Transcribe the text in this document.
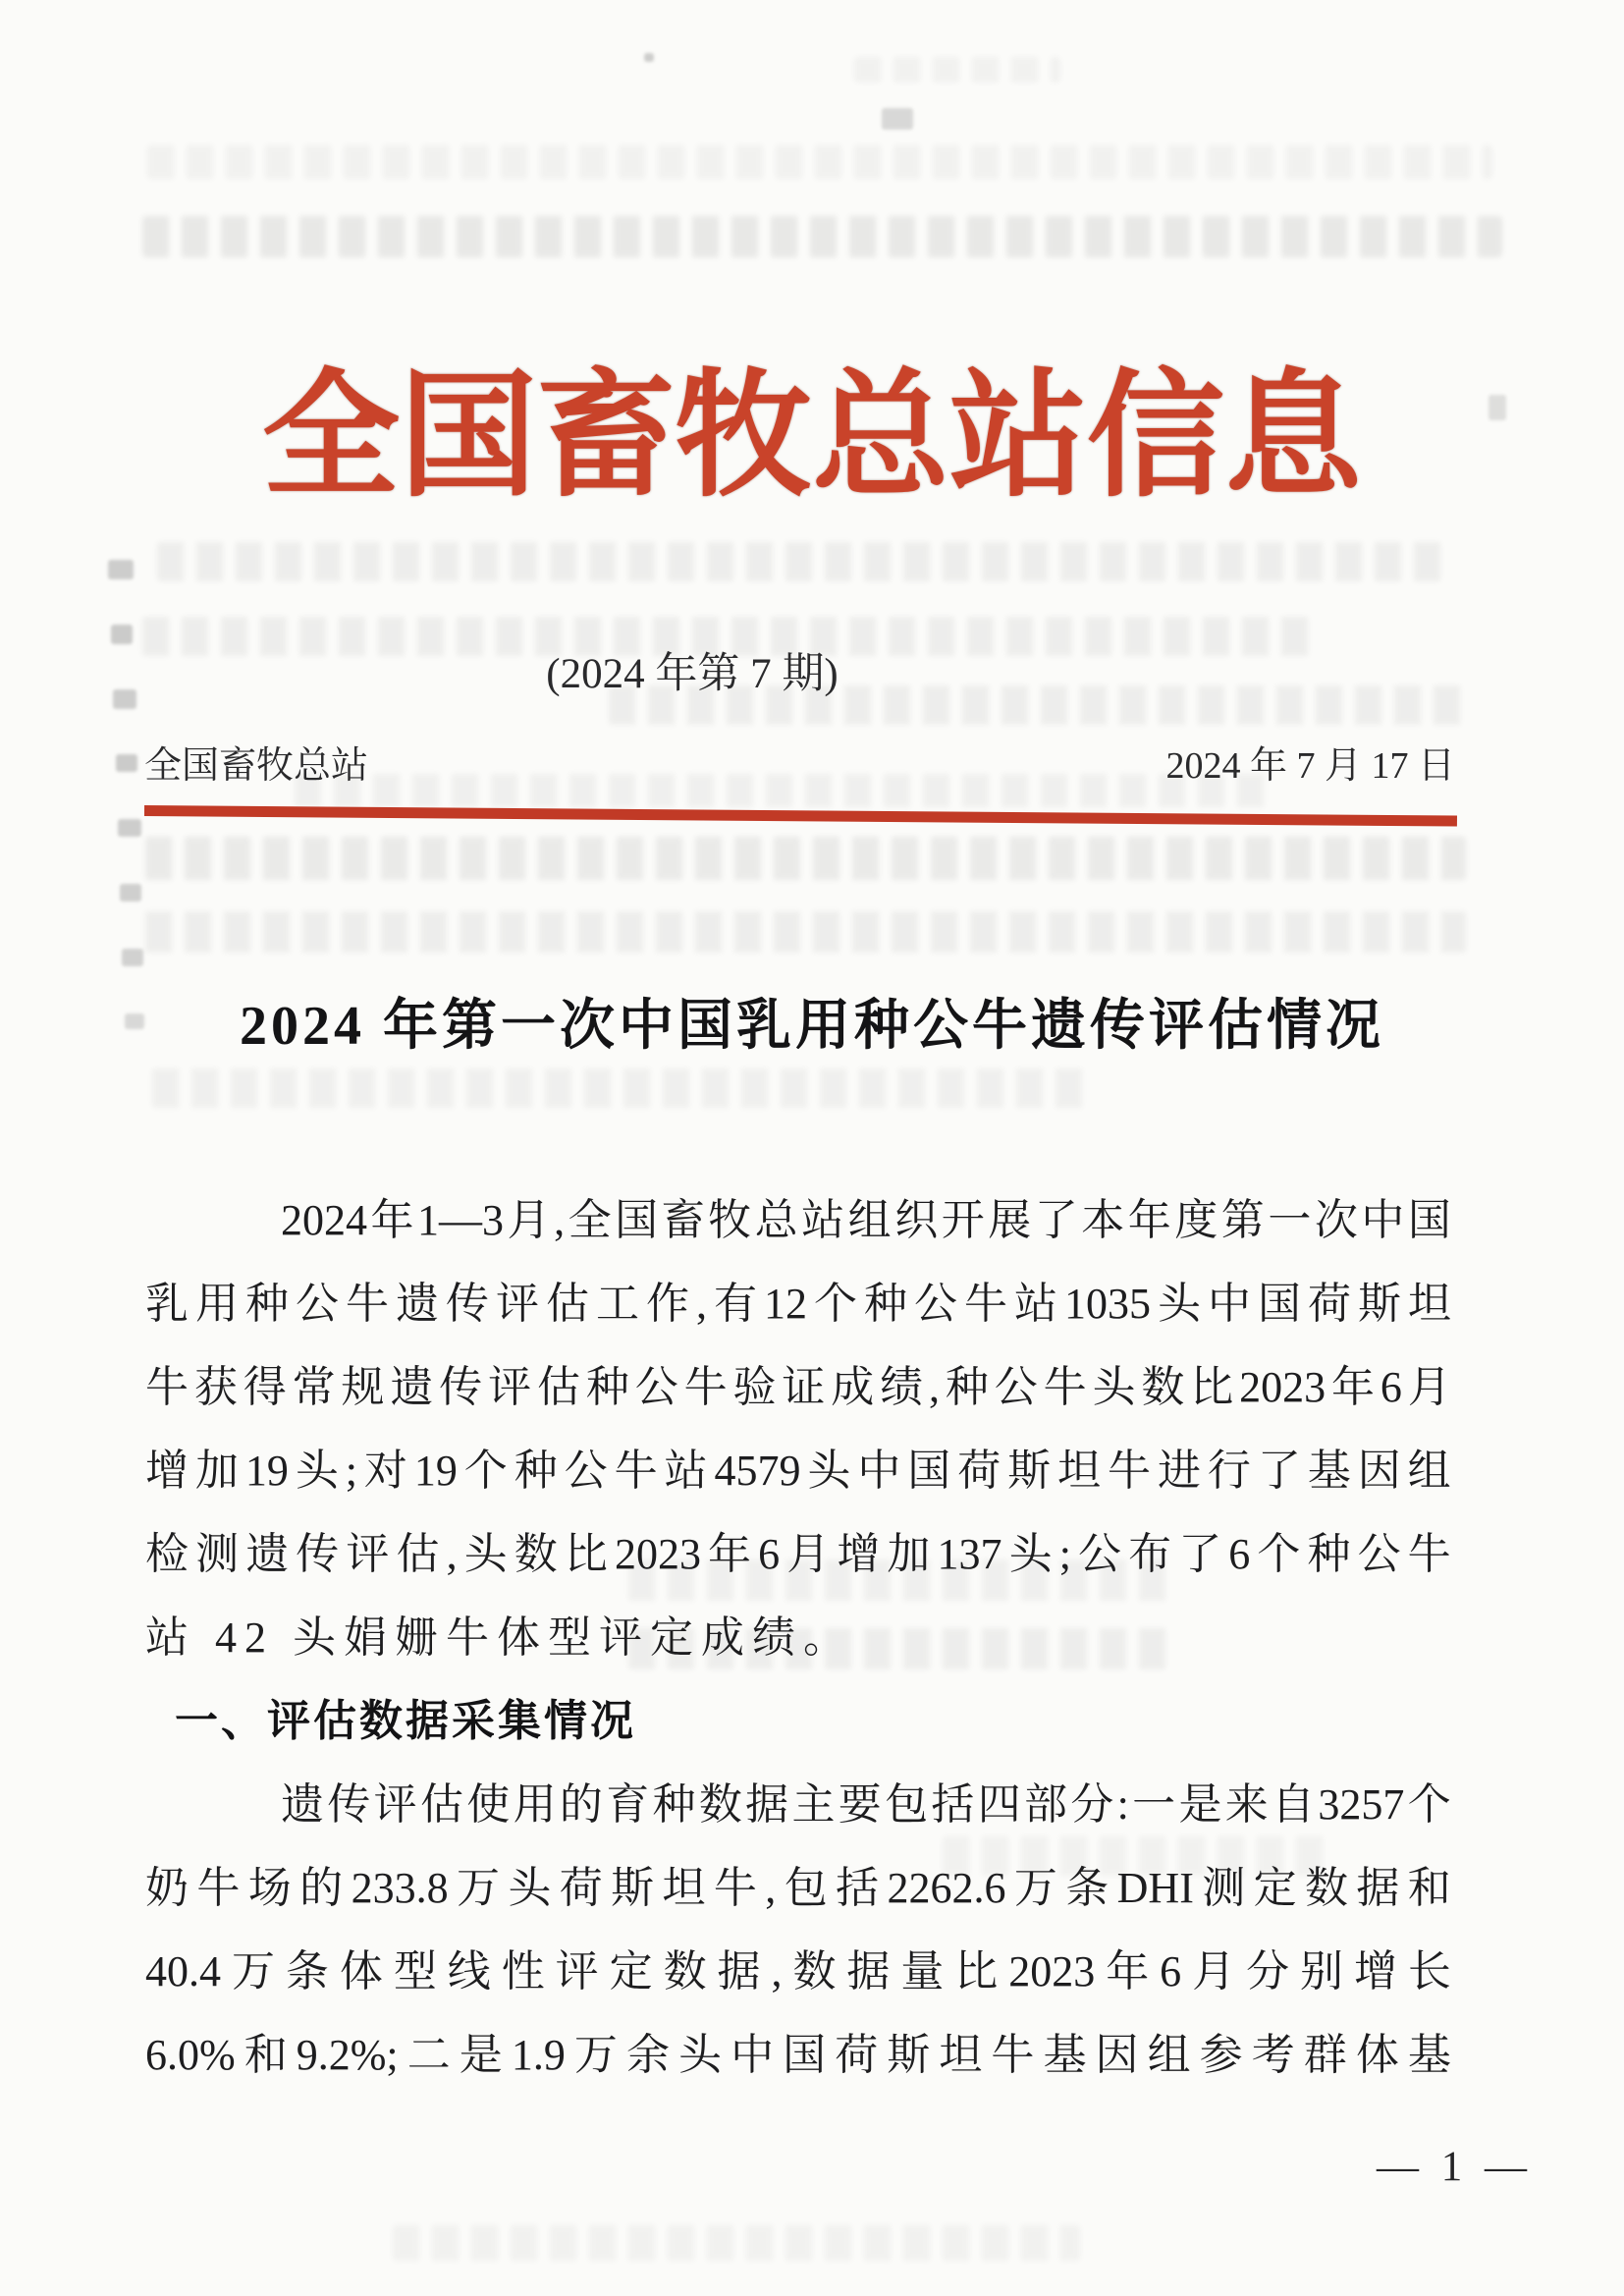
全国畜牧总站信息
(2024 年第 7 期)
全国畜牧总站	2024 年 7 月 17 日
2024 年第一次中国乳用种公牛遗传评估情况
2024 年 1—3 月 , 全 国 畜 牧 总 站 组 织 开 展 了 本 年 度 第 一 次 中 国
乳 用 种 公 牛 遗 传 评 估 工 作 , 有 12 个 种 公 牛 站 1035 头 中 国 荷 斯 坦
牛 获 得 常 规 遗 传 评 估 种 公 牛 验 证 成 绩 , 种 公 牛 头 数 比 2023 年 6 月
增 加 19 头 ; 对 19 个 种 公 牛 站 4579 头 中 国 荷 斯 坦 牛 进 行 了 基 因 组
检 测 遗 传 评 估 , 头 数 比 2023 年 6 月 增 加 137 头 ; 公 布 了 6 个 种 公 牛
站 42 头娟姗牛体型评定成绩。
一、评估数据采集情况
遗 传 评 估 使 用 的 育 种 数 据 主 要 包 括 四 部 分 : 一 是 来 自 3257 个
奶 牛 场 的 233.8 万 头 荷 斯 坦 牛 , 包 括 2262.6 万 条 DHI 测 定 数 据 和
40.4 万 条 体 型 线 性 评 定 数 据 , 数 据 量 比 2023 年 6 月 分 别 增 长
6.0% 和 9.2%; 二 是 1.9 万 余 头 中 国 荷 斯 坦 牛 基 因 组 参 考 群 体 基
— 1 —
